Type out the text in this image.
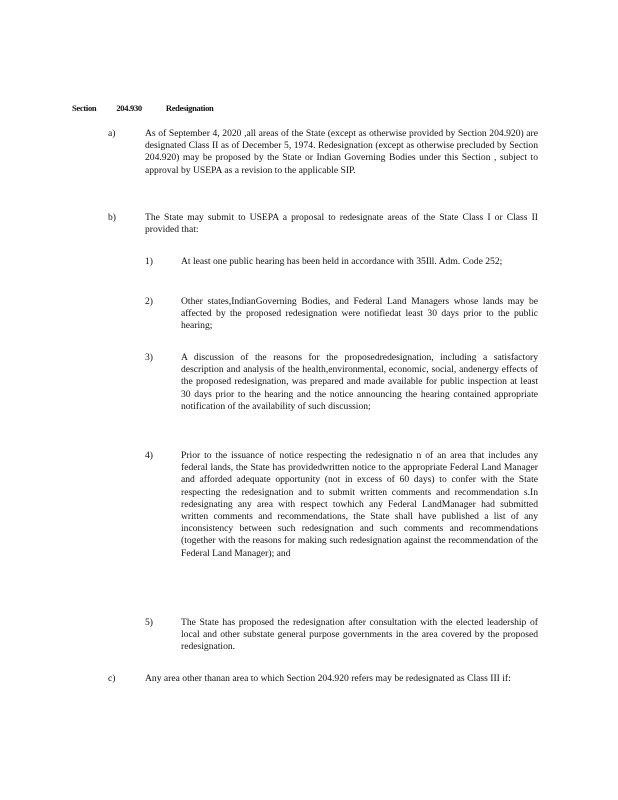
Section 204.930	Redesignation
a)	As of September 4, 2020 ,all areas of the State (except as otherwise provided by Section 204.920) are designated Class II as of December 5, 1974. Redesignation (except as otherwise precluded by Section 204.920) may be proposed by the State or Indian Governing Bodies under this Section , subject to approval by USEPA as a revision to the applicable SIP.
b)	The State may submit to USEPA a proposal to redesignate areas of the State Class I or Class II provided that:
1)	At least one public hearing has been held in accordance with 35Ill. Adm. Code 252;
2)	Other states,IndianGoverning Bodies, and Federal Land Managers whose lands may be affected by the proposed redesignation were notifiedat least 30 days prior to the public hearing;
3)	A discussion of the reasons for the proposedredesignation, including a satisfactory description and analysis of the health,environmental, economic, social, andenergy effects of the proposed redesignation, was prepared and made available for public inspection at least 30 days prior to the hearing and the notice announcing the hearing contained appropriate notification of the availability of such discussion;
4)	Prior to the issuance of notice respecting the redesignatio n of an area that includes any federal lands, the State has providedwritten notice to the appropriate Federal Land Manager and afforded adequate opportunity (not in excess of 60 days) to confer with the State respecting the redesignation and to submit written comments and recommendation s.In redesignating any area with respect towhich any Federal LandManager had submitted written comments and recommendations, the State shall have published a list of any inconsistency between such redesignation and such comments and recommendations (together with the reasons for making such redesignation against the recommendation of the Federal Land Manager); and
5)	The State has proposed the redesignation after consultation with the elected leadership of local and other substate general purpose governments in the area covered by the proposed redesignation.
c)	Any area other thanan area to which Section 204.920 refers may be redesignated as Class III if:
